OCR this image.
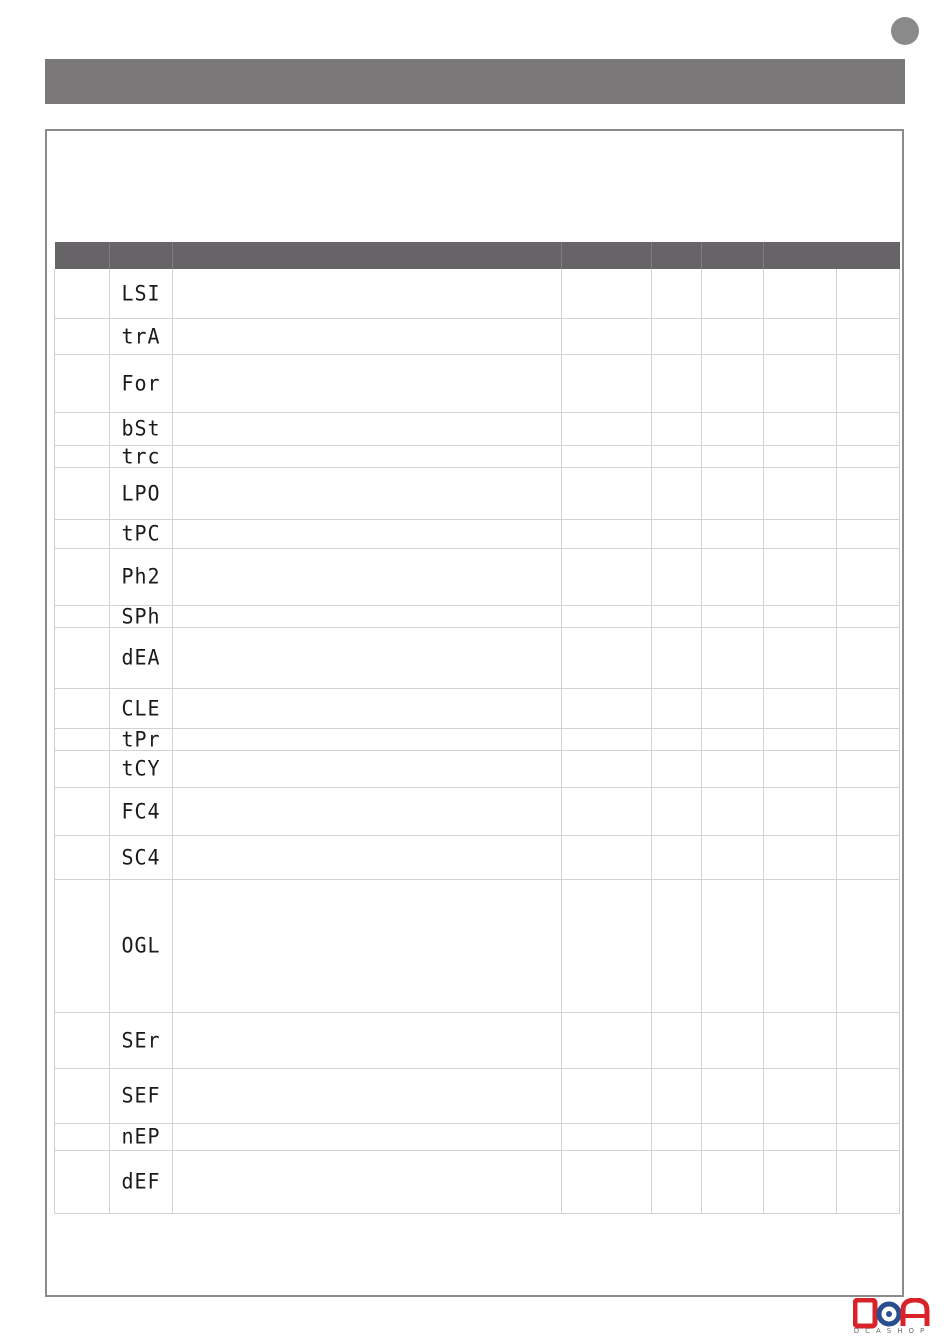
	LSI						
	trA						
	For						
	bSt						
	trc						
	LPO						
	tPC						
	Ph2						
	SPh						
	dEA						
	CLE						
	tPr						
	tCY						
	FC4						
	SC4						
	OGL						
	SEr						
	SEF						
	nEP						
	dEF						
DCASHOP
